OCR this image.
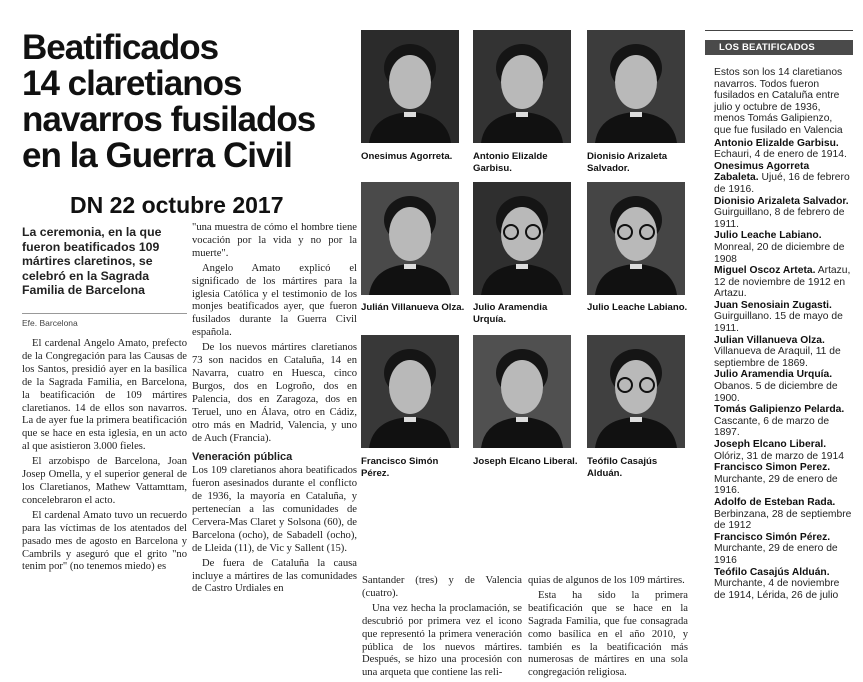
Beatificados
14 claretianos
navarros fusilados
en la Guerra Civil
DN 22 octubre 2017
La ceremonia, en la que fueron beatificados 109 mártires claretinos, se celebró en la Sagrada Familia de Barcelona
Efe. Barcelona

El cardenal Angelo Amato, prefecto de la Congregación para las Causas de los Santos, presidió ayer en la basílica de la Sagrada Familia, en Barcelona, la beatificación de 109 mártires claretianos. 14 de ellos son navarros. La de ayer fue la primera beatificación que se hace en esta iglesia, en un acto al que asistieron 3.000 fieles.

El arzobispo de Barcelona, Joan Josep Omella, y el superior general de los Claretianos, Mathew Vattamttam, concelebraron el acto.

El cardenal Amato tuvo un recuerdo para las víctimas de los atentados del pasado mes de agosto en Barcelona y Cambrils y aseguró que el grito "no tenim por" (no tenemos miedo) es

"una muestra de cómo el hombre tiene vocación por la vida y no por la muerte".

Angelo Amato explicó el significado de los mártires para la iglesia Católica y el testimonio de los monjes beatificados ayer, que fueron fusilados durante la Guerra Civil española.

De los nuevos mártires claretianos 73 son nacidos en Cataluña, 14 en Navarra, cuatro en Huesca, cinco Burgos, dos en Logroño, dos en Palencia, dos en Zaragoza, dos en Teruel, uno en Álava, otro en Cádiz, otro más en Madrid, Valencia, y uno de Auch (Francia).

Veneración pública

Los 109 claretianos ahora beatificados fueron asesinados durante el conflicto de 1936, la mayoría en Cataluña, y pertenecían a las comunidades de Cervera-Mas Claret y Solsona (60), de Barcelona (ocho), de Sabadell (ocho), de Lleida (11), de Vic y Sallent (15).

De fuera de Cataluña la causa incluye a mártires de las comunidades de Castro Urdiales en

Santander (tres) y de Valencia (cuatro).

Una vez hecha la proclamación, se descubrió por primera vez el icono que representó la primera veneración pública de los nuevos mártires. Después, se hizo una procesión con una arqueta que contiene las reli-

quias de algunos de los 109 mártires.

Esta ha sido la primera beatificación que se hace en la Sagrada Familia, que fue consagrada como basílica en el año 2010, y también es la beatificación más numerosas de mártires en una sola congregación religiosa.

Onesimus Agorreta.	Antonio Elizalde Garbisu.
Dionisio Arizaleta Salvador.
Julián Villanueva Olza. Julio Aramendia Urquía.
Julio Leache Labiano.
Francisco Simón Pérez.
Joseph Elcano Liberal. Teófilo Casajús Alduán.
LOS BEATIFICADOS
Estos son los 14 claretianos navarros. Todos fueron fusilados en Cataluña entre julio y octubre de 1936, menos Tomás Galipienzo, que fue fusilado en Valencia
Antonio Elizalde Garbisu. Echauri, 4 de enero de 1914.
Onesimus Agorreta Zabaleta. Ujué, 16 de febrero de 1916.
Dionisio Arizaleta Salvador. Guirguillano, 8 de febrero de 1911.
Julio Leache Labiano. Monreal, 20 de diciembre de 1908
Miguel Oscoz Arteta. Artazu, 12 de noviembre de 1912 en Artazu.
Juan Senosiain Zugasti. Guirguillano. 15 de mayo de 1911.
Julian Villanueva Olza. Villanueva de Araquil, 11 de septiembre de 1869.
Julio Aramendia Urquía. Obanos. 5 de diciembre de 1900.
Tomás Galipienzo Pelarda. Cascante, 6 de marzo de 1897.
Joseph Elcano Liberal. Olóriz, 31 de marzo de 1914
Francisco Simon Perez. Murchante, 29 de enero de 1916.
Adolfo de Esteban Rada. Berbinzana, 28 de septiembre de 1912
Francisco Simón Pérez. Murchante, 29 de enero de 1916
Teófilo Casajús Alduán. Murchante, 4 de noviembre de 1914, Lérida, 26 de julio
